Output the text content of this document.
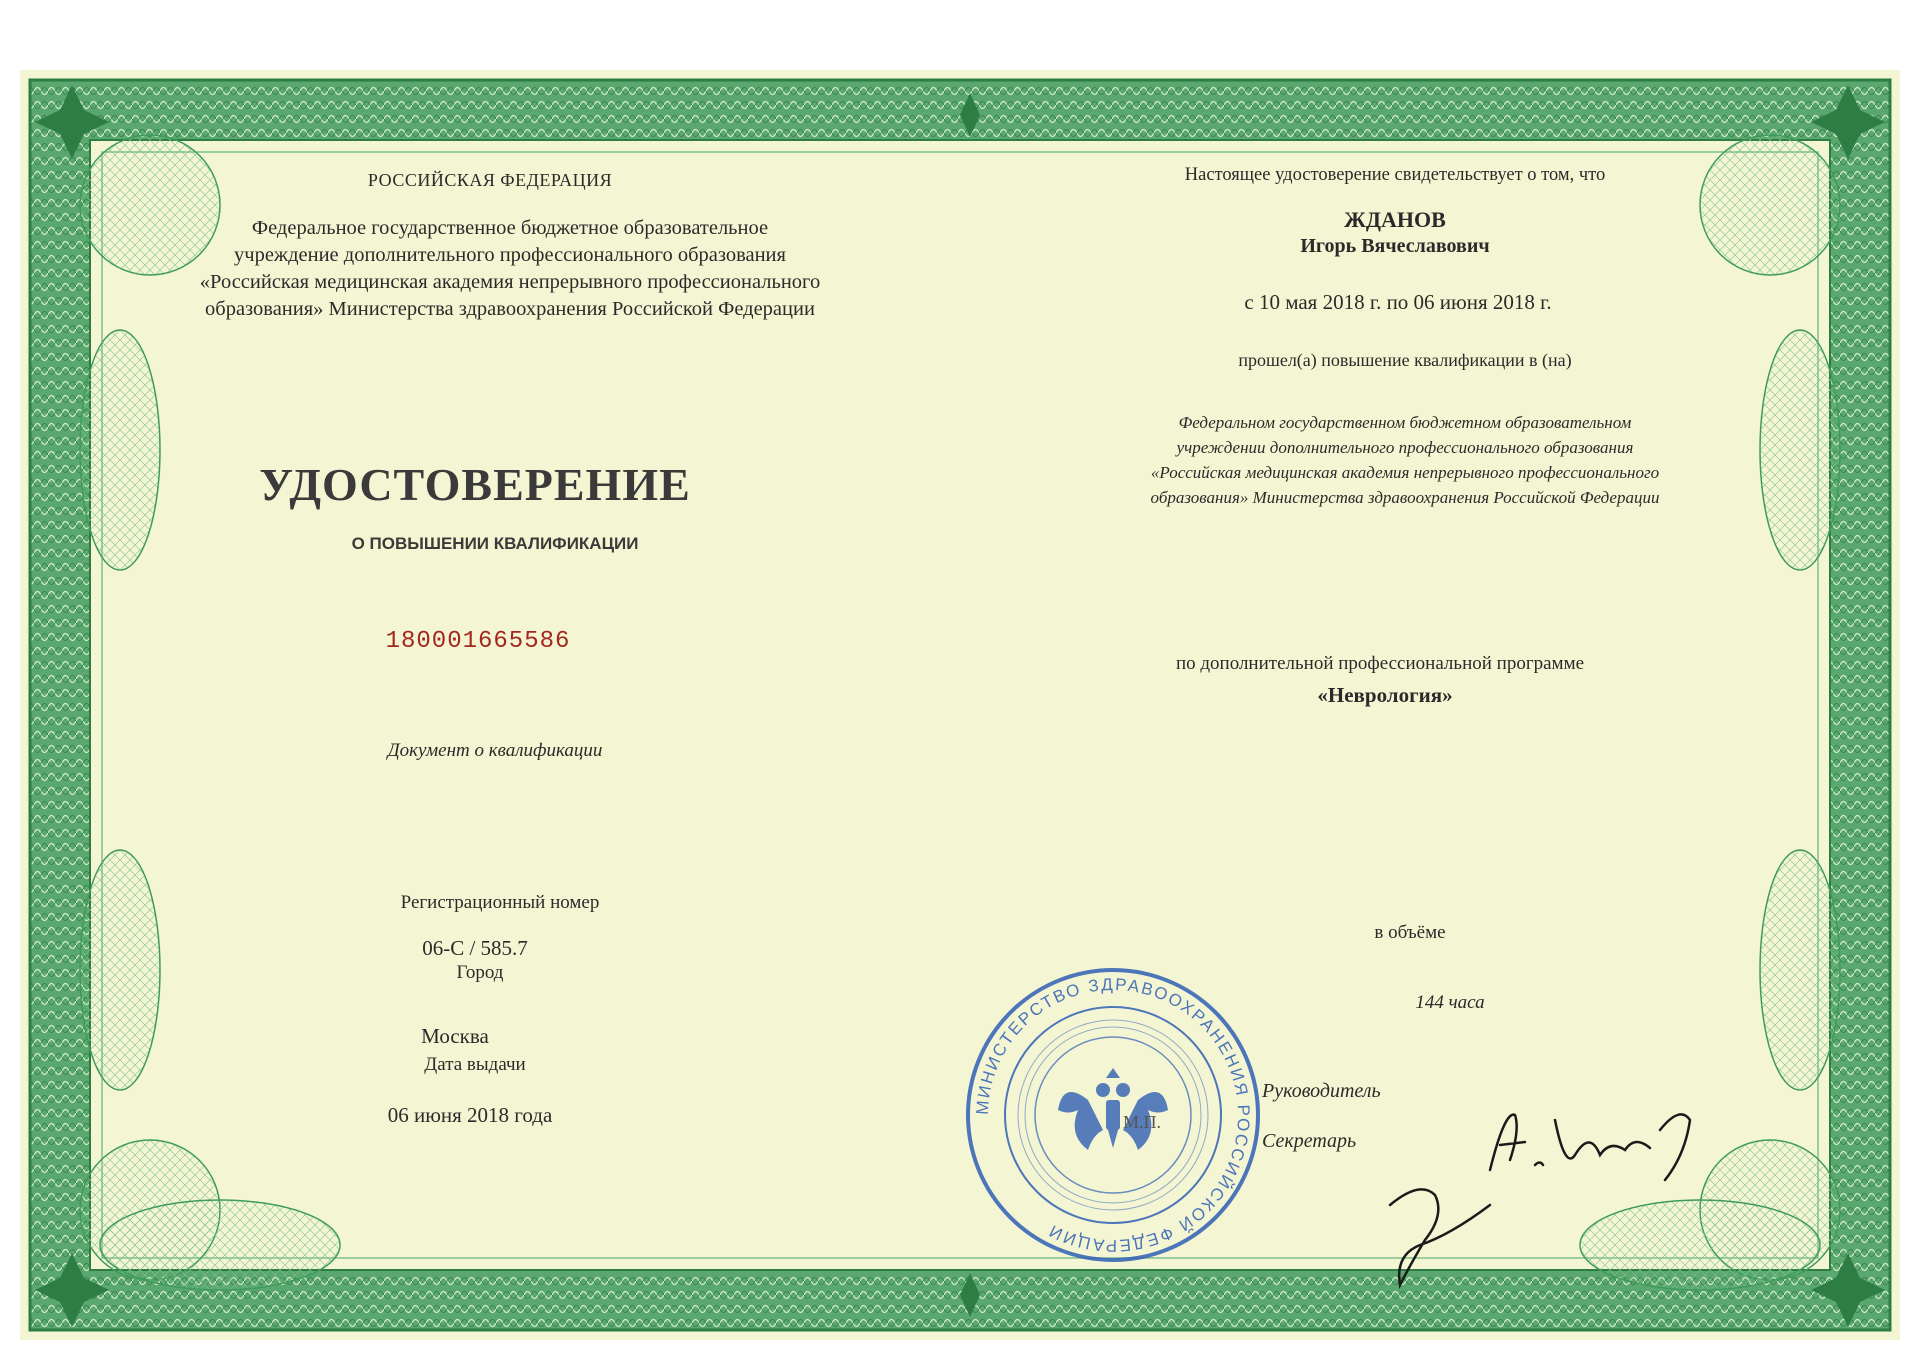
РОССИЙСКАЯ ФЕДЕРАЦИЯ
Федеральное государственное бюджетное образовательное
учреждение дополнительного профессионального образования
«Российская медицинская академия непрерывного профессионального
образования» Министерства здравоохранения Российской Федерации
УДОСТОВЕРЕНИЕ
О ПОВЫШЕНИИ КВАЛИФИКАЦИИ
180001665586
Документ о квалификации
Регистрационный номер
06-С / 585.7
Город
Москва
Дата выдачи
06 июня 2018 года
Настоящее удостоверение свидетельствует о том, что
ЖДАНОВ
Игорь Вячеславович
с 10 мая 2018 г. по 06 июня 2018 г.
прошел(а) повышение квалификации в (на)
Федеральном государственном бюджетном образовательном
учреждении дополнительного профессионального образования
«Российская медицинская академия непрерывного профессионального
образования» Министерства здравоохранения Российской Федерации
по дополнительной профессиональной программе
«Неврология»
в объёме
144 часа
Руководитель
Секретарь
МИНИСТЕРСТВО ЗДРАВООХРАНЕНИЯ РОССИЙСКОЙ ФЕДЕРАЦИИ
М.П.
